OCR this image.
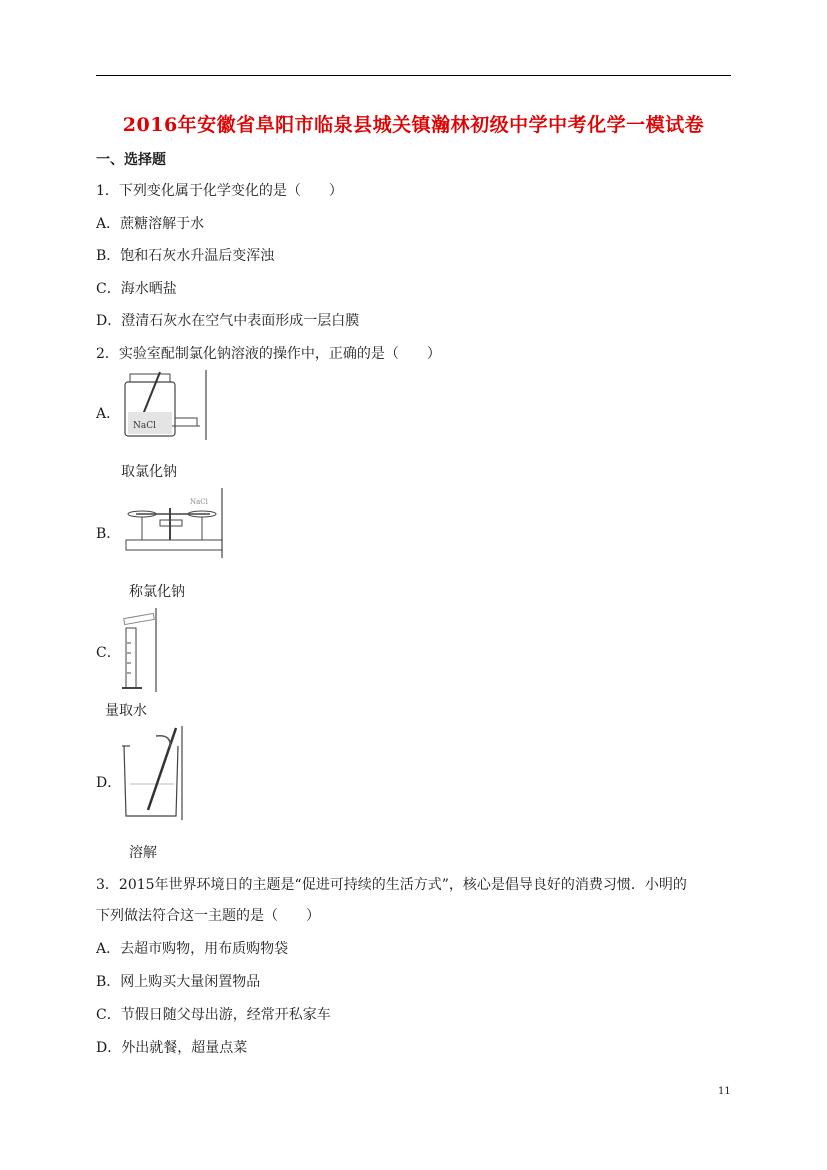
2016年安徽省阜阳市临泉县城关镇瀚林初级中学中考化学一模试卷
一、选择题
1．下列变化属于化学变化的是（　　）
A．蔗糖溶解于水
B．饱和石灰水升温后变浑浊
C．海水晒盐
D．澄清石灰水在空气中表面形成一层白膜
2．实验室配制氯化钠溶液的操作中，正确的是（　　）
A．
NaCl
取氯化钠
B．
NaCl
称氯化钠
C．
量取水
D．
溶解
3．2015年世界环境日的主题是“促进可持续的生活方式”，核心是倡导良好的消费习惯．小明的
下列做法符合这一主题的是（　　）
A．去超市购物，用布质购物袋
B．网上购买大量闲置物品
C．节假日随父母出游，经常开私家车
D．外出就餐，超量点菜
11
